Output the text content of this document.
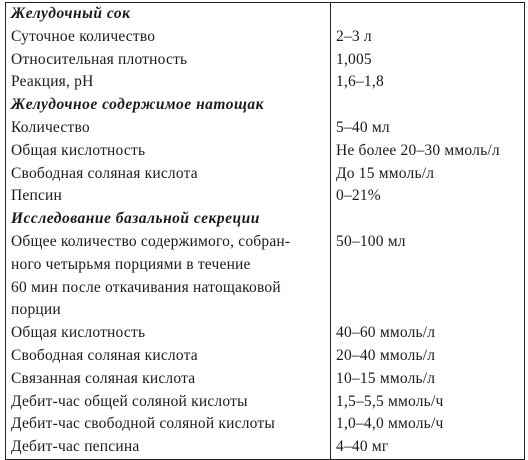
Желудочный сок	
Суточное количество	2–3 л
Относительная плотность	1,005
Реакция, pH	1,6–1,8
Желудочное содержимое натощак	
Количество	5–40 мл
Общая кислотность	Не более 20–30 ммоль/л
Свободная соляная кислота	До 15 ммоль/л
Пепсин	0–21%
Исследование базальной секреции	

Общее количество содержимого, собран-
ного четырьмя порциями в течение
60 мин после откачивания натощаковой
порции	50–100 мл
Общая кислотность	40–60 ммоль/л
Свободная соляная кислота	20–40 ммоль/л
Связанная соляная кислота	10–15 ммоль/л
Дебит-час общей соляной кислоты	1,5–5,5 ммоль/ч
Дебит-час свободной соляной кислоты	1,0–4,0 ммоль/ч
Дебит-час пепсина	4–40 мг
